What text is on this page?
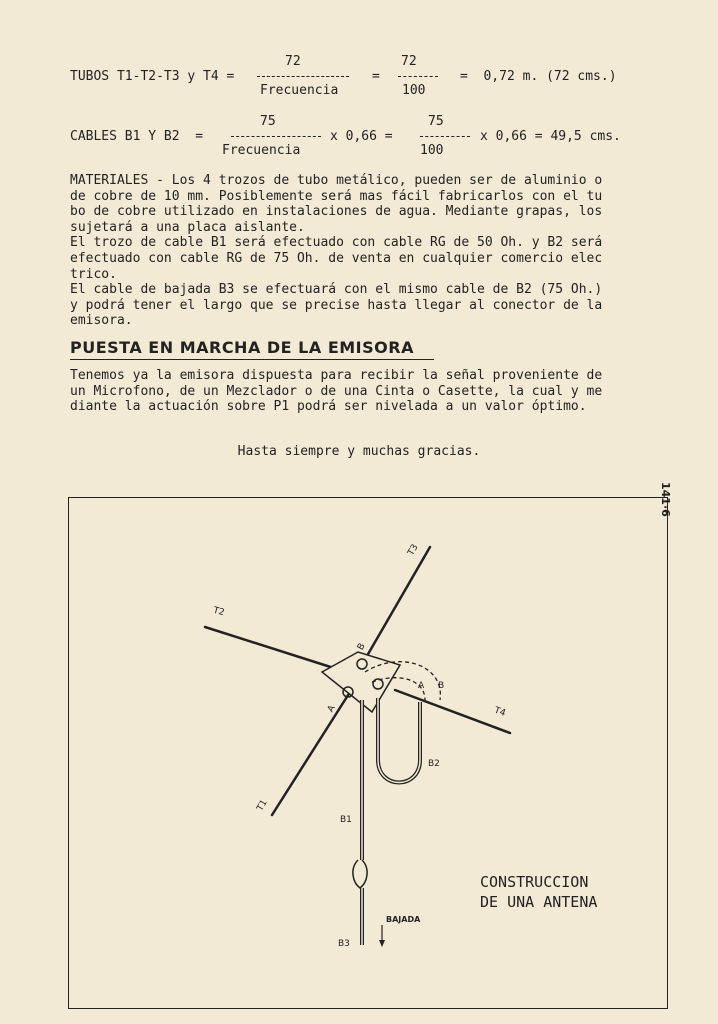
72	72
TUBOS T1-T2-T3 y T4 =	=	=  0,72 m. (72 cms.)
Frecuencia	100
75	75
CABLES B1 Y B2  =	x 0,66 =	x 0,66 = 49,5 cms.
Frecuencia	100

MATERIALES - Los 4 trozos de tubo metálico, pueden ser de aluminio o

de cobre de 10 mm. Posiblemente será mas fácil fabricarlos con el tu

bo de cobre utilizado en instalaciones de agua. Mediante grapas, los

sujetará a una placa aislante.

El trozo de cable B1 será efectuado con cable RG de 50 Oh. y B2 será

efectuado con cable RG de 75 Oh. de venta en cualquier comercio elec

trico.

El cable de bajada B3 se efectuará con el mismo cable de B2 (75 Oh.)

y podrá tener el largo que se precise hasta llegar al conector de la

emisora.

PUESTA EN MARCHA DE LA EMISORA

Tenemos ya la emisora dispuesta para recibir la señal proveniente de

un Microfono, de un Mezclador o de una Cinta o Casette, la cual y me

diante la actuación sobre P1 podrá ser nivelada a un valor óptimo.

Hasta siempre y muchas gracias.
141·6
T3
T2
T4
T1
A
A
B
B
B1
B2
B3
BAJADA
CONSTRUCCION
DE UNA ANTENA
